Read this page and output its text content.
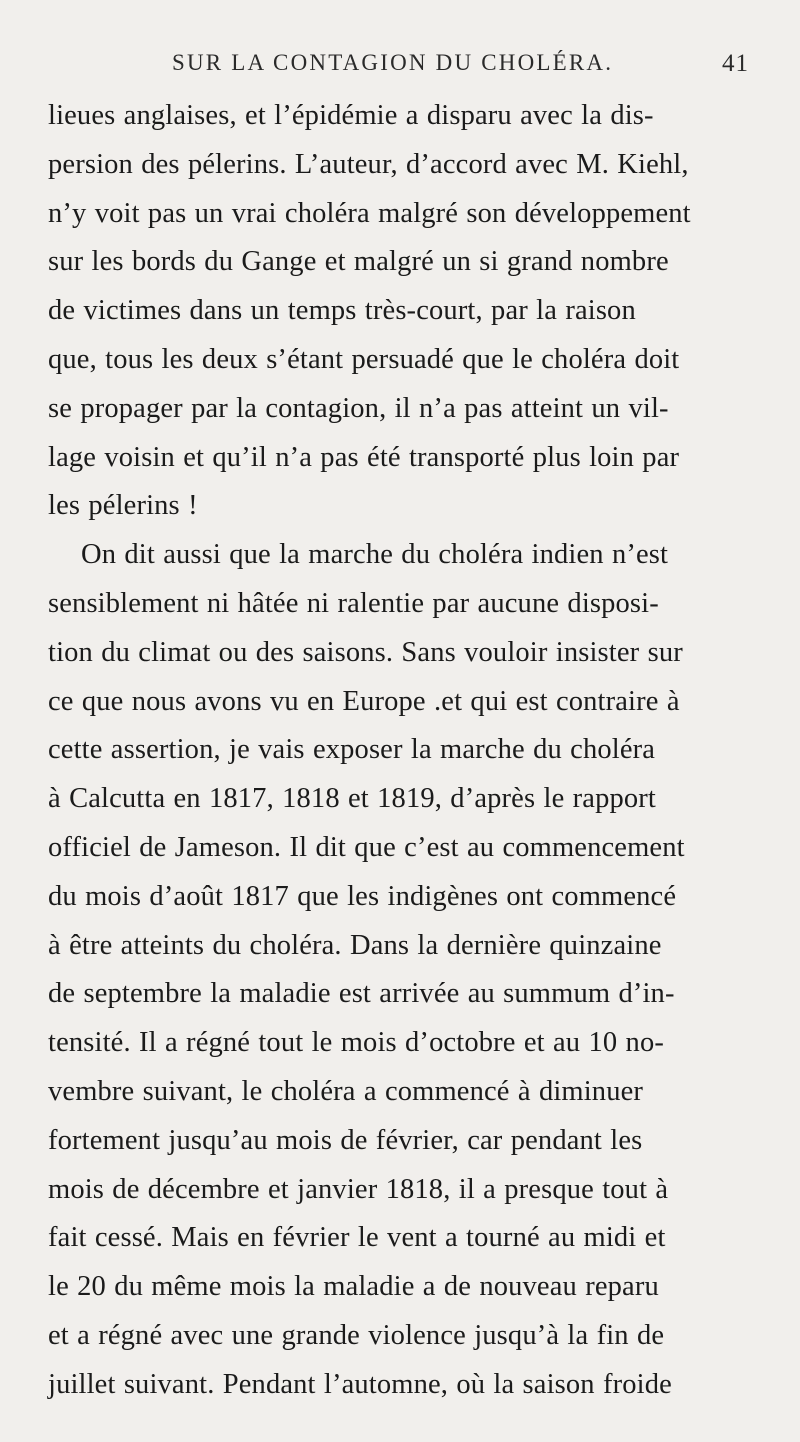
SUR LA CONTAGION DU CHOLÉRA.	41
lieues anglaises, et l’épidémie a disparu avec la dis-
persion des pélerins. L’auteur, d’accord avec M. Kiehl,
n’y voit pas un vrai choléra malgré son développement
sur les bords du Gange et malgré un si grand nombre
de victimes dans un temps très-court, par la raison
que, tous les deux s’étant persuadé que le choléra doit
se propager par la contagion, il n’a pas atteint un vil-
lage voisin et qu’il n’a pas été transporté plus loin par
les pélerins !
On dit aussi que la marche du choléra indien n’est
sensiblement ni hâtée ni ralentie par aucune disposi-
tion du climat ou des saisons. Sans vouloir insister sur
ce que nous avons vu en Europe .et qui est contraire à
cette assertion, je vais exposer la marche du choléra
à Calcutta en 1817, 1818 et 1819, d’après le rapport
officiel de Jameson. Il dit que c’est au commencement
du mois d’août 1817 que les indigènes ont commencé
à être atteints du choléra. Dans la dernière quinzaine
de septembre la maladie est arrivée au summum d’in-
tensité. Il a régné tout le mois d’octobre et au 10 no-
vembre suivant, le choléra a commencé à diminuer
fortement jusqu’au mois de février, car pendant les
mois de décembre et janvier 1818, il a presque tout à
fait cessé. Mais en février le vent a tourné au midi et
le 20 du même mois la maladie a de nouveau reparu
et a régné avec une grande violence jusqu’à la fin de
juillet suivant. Pendant l’automne, où la saison froide
